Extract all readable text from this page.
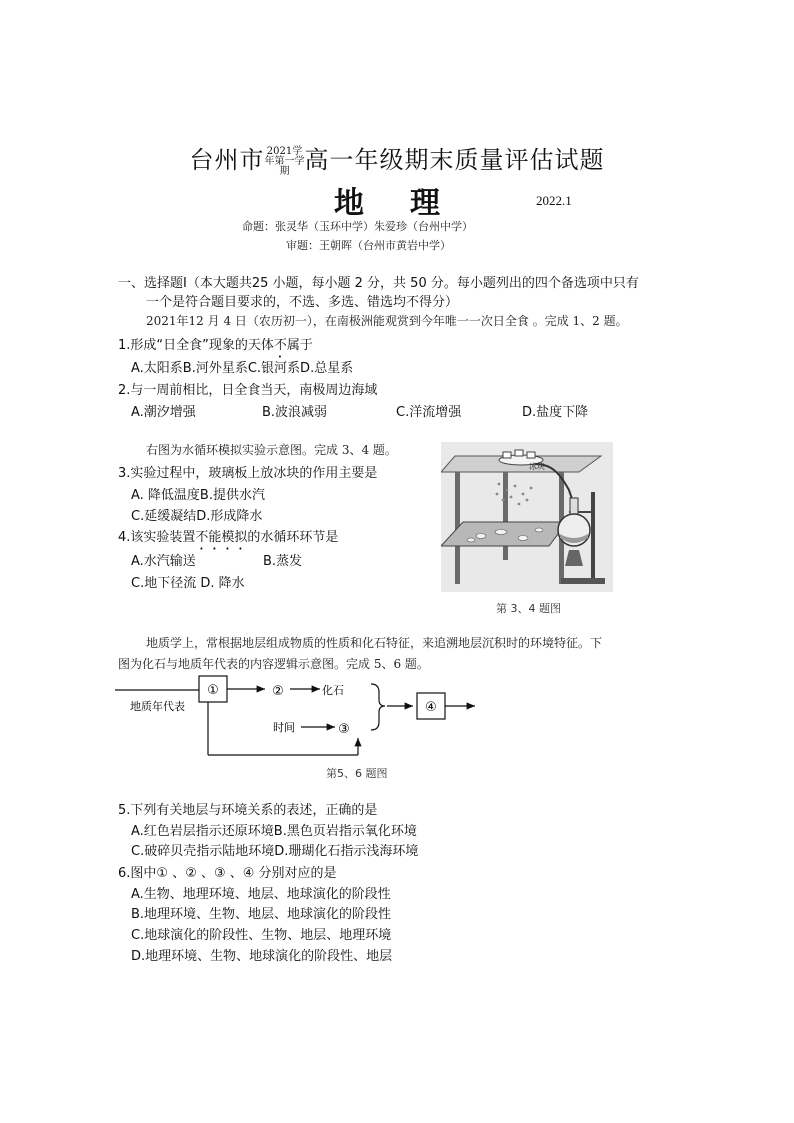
台州市 2021学年第一学期 高一年级期末质量评估试题
地理	2022.1
命题：张灵华（玉环中学）朱爱珍（台州中学）
审题：王朝晖（台州市黄岩中学）
一、选择题Ⅰ（本大题共25 小题，每小题 2 分，共 50 分。每小题列出的四个备选项中只有
一个是符合题目要求的，不选、多选、错选均不得分）
2021年12 月 4 日（农历初一），在南极洲能观赏到今年唯一一次日全食 。完成 1、2 题。
1.形成“日全食”现象的天体不属于
A.太阳系B.河外星系C.银河系D.总星系
2.与一周前相比，日全食当天，南极周边海域
A.潮汐增强	B.波浪减弱	C.洋流增强	D.盐度下降
右图为水循环模拟实验示意图。完成 3、4 题。
3.实验过程中，玻璃板上放冰块的作用主要是
A. 降低温度B.提供水汽
C.延缓凝结D.形成降水
4.该实验装置不能模拟的水循环环节是
A.水汽输送	B.蒸发
C.地下径流 D. 降水
冰块
第 3、4 题图
地质学上，常根据地层组成物质的性质和化石特征，来追溯地层沉积时的环境特征。下
图为化石与地质年代表的内容逻辑示意图。完成 5、6 题。
①	②	化石
地质年代表
时间	③
④
第5、6 题图
5.下列有关地层与环境关系的表述，正确的是
A.红色岩层指示还原环境B.黑色页岩指示氧化环境
C.破碎贝壳指示陆地环境D.珊瑚化石指示浅海环境
6.图中① 、② 、③ 、④ 分别对应的是
A.生物、地理环境、地层、地球演化的阶段性
B.地理环境、生物、地层、地球演化的阶段性
C.地球演化的阶段性、生物、地层、地理环境
D.地理环境、生物、地球演化的阶段性、地层
